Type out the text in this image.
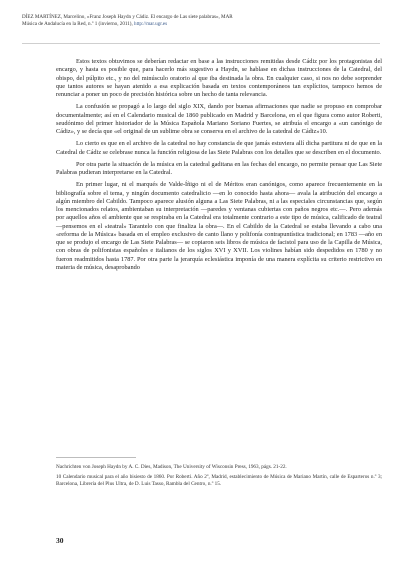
DÍEZ MARTÍNEZ, Marcelino, «Franz Joseph Haydn y Cádiz. El encargo de Las siete palabras», MAR
Música de Andalucía en la Red, n.º 1 (invierno, 2011), http://mar.ugr.es

Estos textos obtuvimos se deberían redactar en base a las instrucciones remitidas desde Cádiz por los protagonistas del encargo, y hasta es posible que, para hacerlo más sugestivo a Haydn, se hablase en dichas instrucciones de la Catedral, del obispo, del púlpito etc., y no del minúsculo oratorio al que iba destinada la obra. En cualquier caso, si nos no debe sorprender que tantos autores se hayan atenido a esa explicación basada en textos contemporáneos tan explícitos, tampoco hemos de renunciar a poner un poco de precisión histórica sobre un hecho de tanta relevancia.

La confusión se propagó a lo largo del siglo XIX, dando por buenas afirmaciones que nadie se propuso en comprobar documentalmente; así en el Calendario musical de 1860 publicado en Madrid y Barcelona, en el que figura como autor Roberti, seudónimo del primer historiador de la Música Española Mariano Soriano Fuertes, se atribuía el encargo a «un canónigo de Cádiz», y se decía que «el original de un sublime obra se conserva en el archivo de la catedral de Cádiz»10.

Lo cierto es que en el archivo de la catedral no hay constancia de que jamás estuviera allí dicha partitura ni de que en la Catedral de Cádiz se celebrase nunca la función religiosa de las Siete Palabras con los detalles que se describen en el documento.

Por otra parte la situación de la música en la catedral gaditana en las fechas del encargo, no permite pensar que Las Siete Palabras pudieran interpretarse en la Catedral.

En primer lugar, ni el marqués de Valde-Íñigo ni el de Méritos eran canónigos, como aparece frecuentemente en la bibliografía sobre el tema, y ningún documento catedralicio —en lo conocido hasta ahora— avala la atribución del encargo a algún miembro del Cabildo. Tampoco aparece alusión alguna a Las Siete Palabras, ni a las especiales circunstancias que, según los mencionados relatos, ambientaban su interpretación —paredes y ventanas cubiertas con paños negros etc.—. Pero además por aquellos años el ambiente que se respiraba en la Catedral era totalmente contrario a este tipo de música, calificado de teatral —pensemos en el «teatral» Tarantelo con que finaliza la obra—. En el Cabildo de la Catedral se estaba llevando a cabo una «reforma de la Música» basada en el empleo exclusivo de canto llano y polifonía contrapuntística tradicional; en 1783 —año en que se produjo el encargo de Las Siete Palabras— se copiaron seis libros de música de facistol para uso de la Capilla de Música, con obras de polifonistas españoles e italianos de los siglos XVI y XVII. Los violines habían sido despedidos en 1780 y no fueron readmitidos hasta 1787. Por otra parte la jerarquía eclesiástica imponía de una manera explícita su criterio restrictivo en materia de música, desaprobando

Nachrichten von Joseph Haydn by A. C. Dies, Madison, The University of Wisconsin Press, 1963, págs. 21-22.

10 Calendario musical para el año bisiesto de 1860. Por Roberti. Año 2º, Madrid, establecimiento de Música de Mariano Martín, calle de Esparteros n.º 3; Barcelona, Librería del Plus Ultra, de D. Luis Tasso, Rambla del Centro, n.º 15.

30
